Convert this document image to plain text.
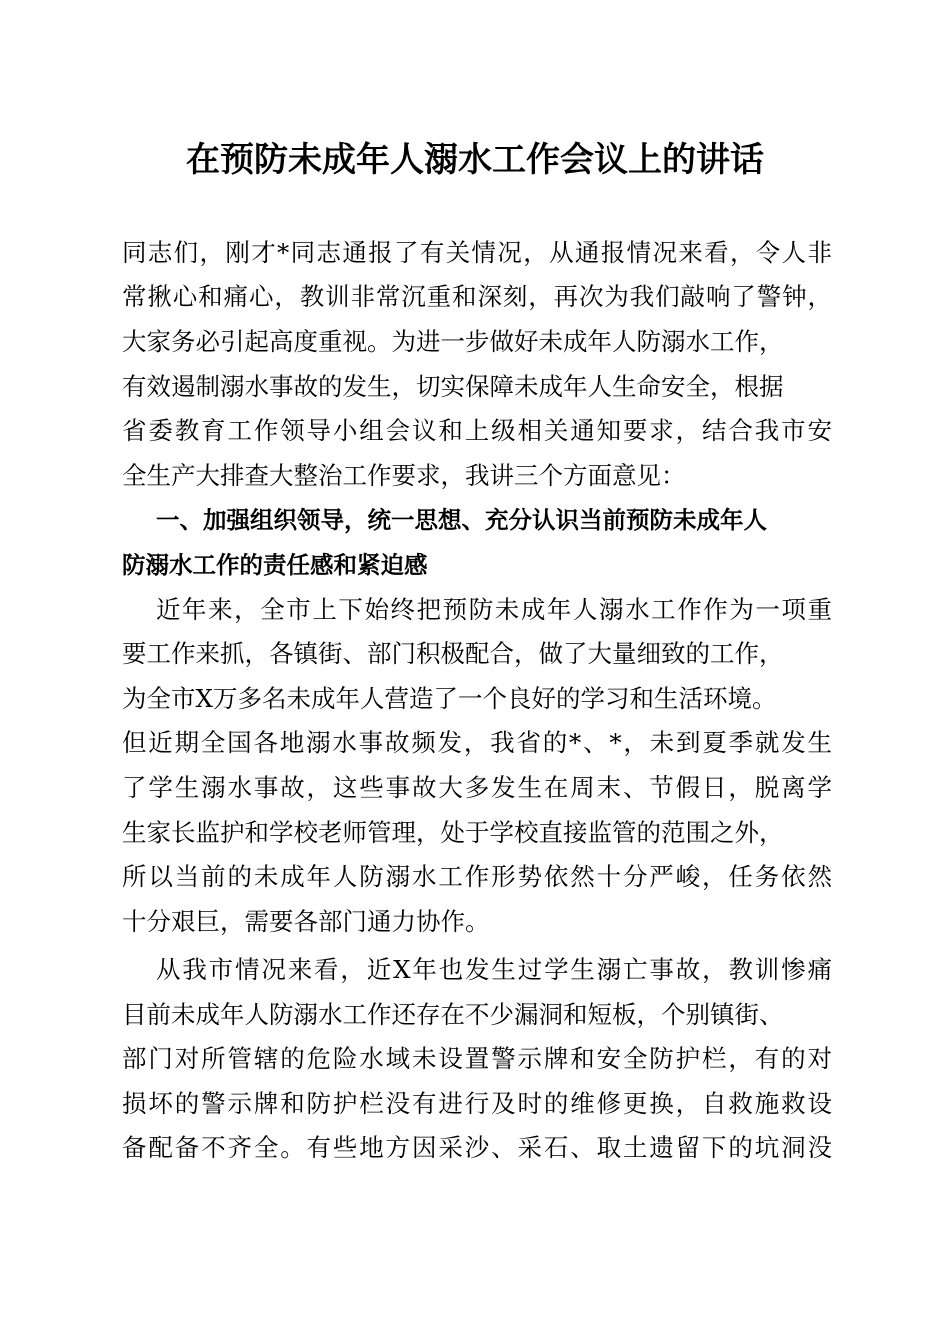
在预防未成年人溺水工作会议上的讲话

同志们，刚才*同志通报了有关情况，从通报情况来看，令人非

常揪心和痛心，教训非常沉重和深刻，再次为我们敲响了警钟，

大家务必引起高度重视。为进一步做好未成年人防溺水工作，

有效遏制溺水事故的发生，切实保障未成年人生命安全，根据

省委教育工作领导小组会议和上级相关通知要求，结合我市安

全生产大排查大整治工作要求，我讲三个方面意见：

一、加强组织领导，统一思想、充分认识当前预防未成年人

防溺水工作的责任感和紧迫感

近年来，全市上下始终把预防未成年人溺水工作作为一项重

要工作来抓，各镇街、部门积极配合，做了大量细致的工作，

为全市X万多名未成年人营造了一个良好的学习和生活环境。

但近期全国各地溺水事故频发，我省的*、*，未到夏季就发生

了学生溺水事故，这些事故大多发生在周末、节假日，脱离学

生家长监护和学校老师管理，处于学校直接监管的范围之外，

所以当前的未成年人防溺水工作形势依然十分严峻，任务依然

十分艰巨，需要各部门通力协作。

从我市情况来看，近X年也发生过学生溺亡事故，教训惨痛

目前未成年人防溺水工作还存在不少漏洞和短板，个别镇街、

部门对所管辖的危险水域未设置警示牌和安全防护栏，有的对

损坏的警示牌和防护栏没有进行及时的维修更换，自救施救设

备配备不齐全。有些地方因采沙、采石、取土遗留下的坑洞没
